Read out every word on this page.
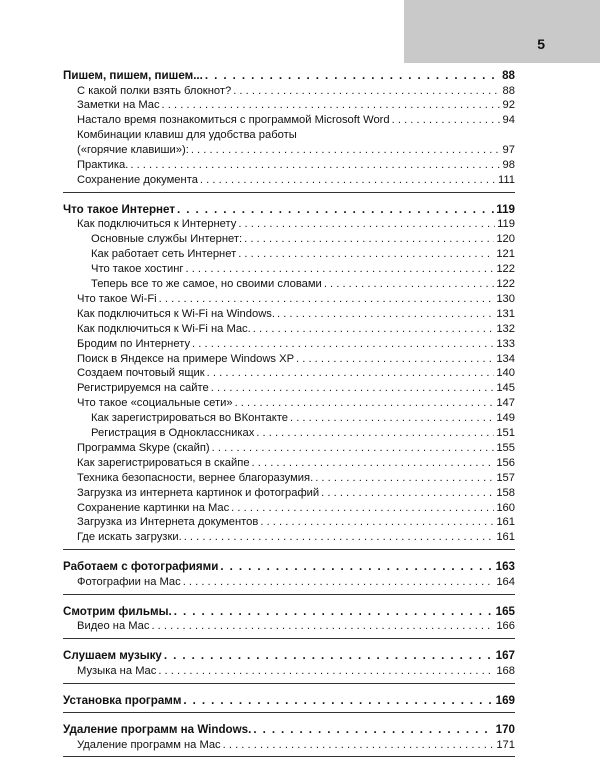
5
Пишем, пишем, пишем... . . .	88
С какой полки взять блокнот? . . .	88
Заметки на Mac . . .	92
Настало время познакомиться с программой Microsoft Word . . .	94
Комбинации клавиш для удобства работы
(«горячие клавиши»): . . .	97
Практика. . . .	98
Сохранение документа . . .	111
Что такое Интернет . . .	119
Как подключиться к Интернету . . .	119
Основные службы Интернет: . . .	120
Как работает сеть Интернет . . .	121
Что такое хостинг . . .	122
Теперь все то же самое, но своими словами . . .	122
Что такое Wi-Fi . . .	130
Как подключиться к Wi-Fi на Windows. . . .	131
Как подключиться к Wi-Fi на Mac. . . .	132
Бродим по Интернету . . .	133
Поиск в Яндексе на примере Windows XP . . .	134
Создаем почтовый ящик . . .	140
Регистрируемся на сайте . . .	145
Что такое «социальные сети» . . .	147
Как зарегистрироваться во ВКонтакте . . .	149
Регистрация в Одноклассниках . . .	151
Программа Skype (скайп) . . .	155
Как зарегистрироваться в скайпе . . .	156
Техника безопасности, вернее благоразумия. . . .	157
Загрузка из интернета картинок и фотографий . . .	158
Сохранение картинки на Mac . . .	160
Загрузка из Интернета документов . . .	161
Где искать загрузки. . . .	161
Работаем с фотографиями . . .	163
Фотографии на Mac . . .	164
Смотрим фильмы. . . .	165
Видео на Mac . . .	166
Слушаем музыку . . .	167
Музыка на Mac . . .	168
Установка программ . . .	169
Удаление программ на Windows. . . .	170
Удаление программ на Mac . . .	171
